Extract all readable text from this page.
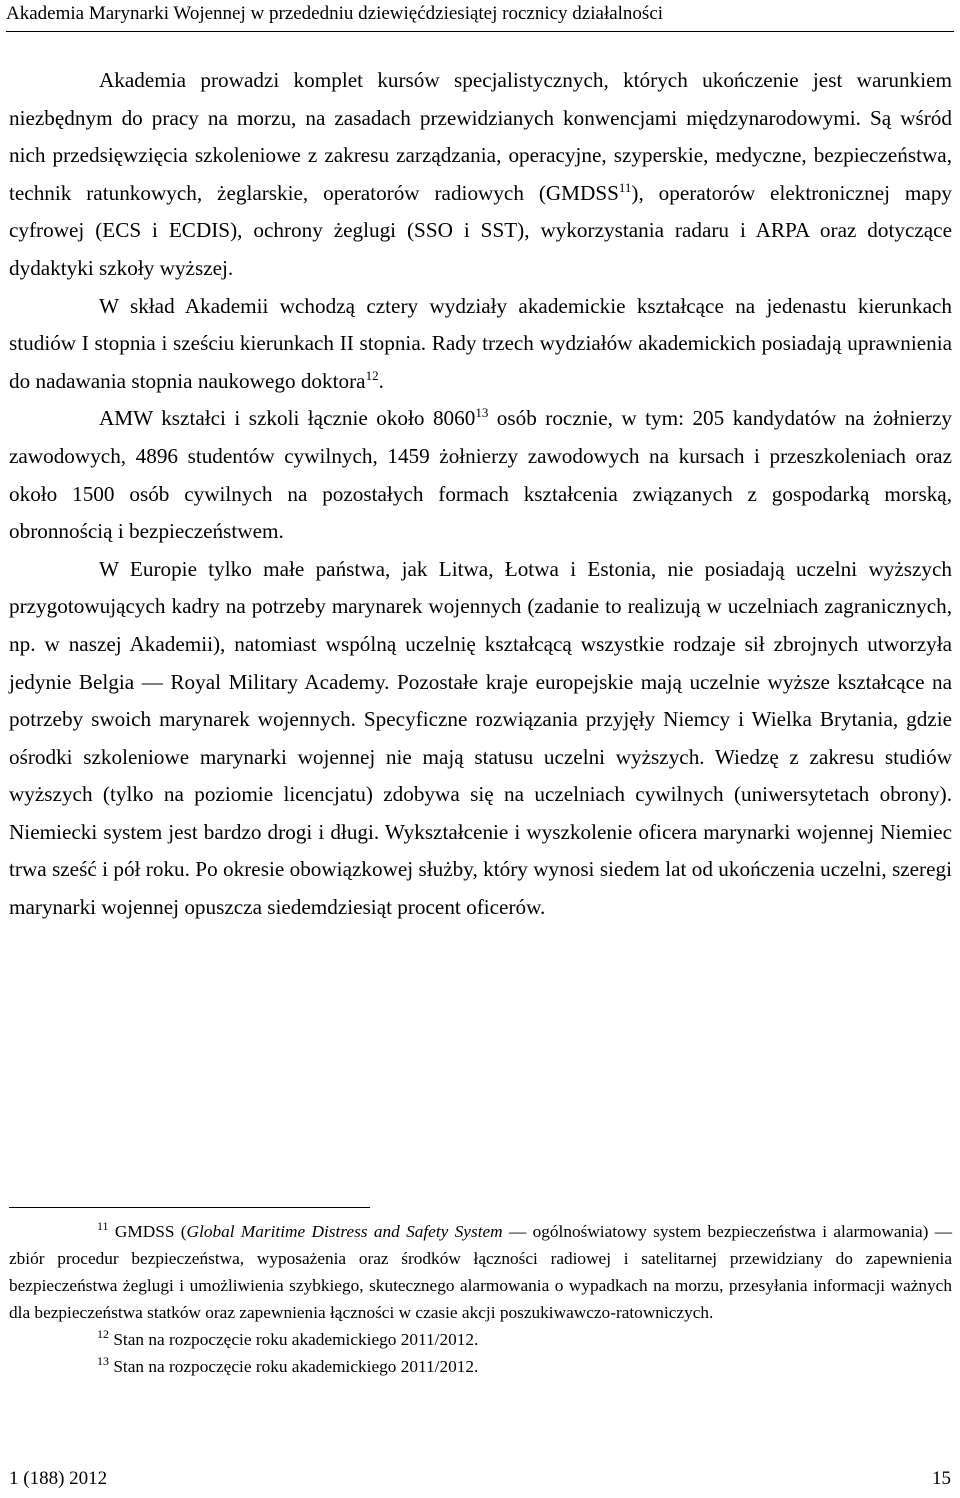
Akademia Marynarki Wojennej w przededniu dziewięćdziesiątej rocznicy działalności

Akademia prowadzi komplet kursów specjalistycznych, których ukończenie jest warunkiem niezbędnym do pracy na morzu, na zasadach przewidzianych konwencjami międzynarodowymi. Są wśród nich przedsięwzięcia szkoleniowe z zakresu zarządzania, operacyjne, szyperskie, medyczne, bezpieczeństwa, technik ratunkowych, żeglarskie, operatorów radiowych (GMDSS$^{11}$), operatorów elektronicznej mapy cyfrowej (ECS i ECDIS), ochrony żeglugi (SSO i SST), wykorzystania radaru i ARPA oraz dotyczące dydaktyki szkoły wyższej.

W skład Akademii wchodzą cztery wydziały akademickie kształcące na jedenastu kierunkach studiów I stopnia i sześciu kierunkach II stopnia. Rady trzech wydziałów akademickich posiadają uprawnienia do nadawania stopnia naukowego doktora$^{12}$.

AMW kształci i szkoli łącznie około 8060$^{13}$ osób rocznie, w tym: 205 kandydatów na żołnierzy zawodowych, 4896 studentów cywilnych, 1459 żołnierzy zawodowych na kursach i przeszkoleniach oraz około 1500 osób cywilnych na pozostałych formach kształcenia związanych z gospodarką morską, obronnością i bezpieczeństwem.

W Europie tylko małe państwa, jak Litwa, Łotwa i Estonia, nie posiadają uczelni wyższych przygotowujących kadry na potrzeby marynarek wojennych (zadanie to realizują w uczelniach zagranicznych, np. w naszej Akademii), natomiast wspólną uczelnię kształcącą wszystkie rodzaje sił zbrojnych utworzyła jedynie Belgia — Royal Military Academy. Pozostałe kraje europejskie mają uczelnie wyższe kształcące na potrzeby swoich marynarek wojennych. Specyficzne rozwiązania przyjęły Niemcy i Wielka Brytania, gdzie ośrodki szkoleniowe marynarki wojennej nie mają statusu uczelni wyższych. Wiedzę z zakresu studiów wyższych (tylko na poziomie licencjatu) zdobywa się na uczelniach cywilnych (uniwersytetach obrony). Niemiecki system jest bardzo drogi i długi. Wykształcenie i wyszkolenie oficera marynarki wojennej Niemiec trwa sześć i pół roku. Po okresie obowiązkowej służby, który wynosi siedem lat od ukończenia uczelni, szeregi marynarki wojennej opuszcza siedemdziesiąt procent oficerów.

$^{11}$ GMDSS (Global Maritime Distress and Safety System — ogólnoświatowy system bezpieczeństwa i alarmowania) — zbiór procedur bezpieczeństwa, wyposażenia oraz środków łączności radiowej i satelitarnej przewidziany do zapewnienia bezpieczeństwa żeglugi i umożliwienia szybkiego, skutecznego alarmowania o wypadkach na morzu, przesyłania informacji ważnych dla bezpieczeństwa statków oraz zapewnienia łączności w czasie akcji poszukiwawczo-ratowniczych.

$^{12}$ Stan na rozpoczęcie roku akademickiego 2011/2012.

$^{13}$ Stan na rozpoczęcie roku akademickiego 2011/2012.

1 (188) 2012	15
